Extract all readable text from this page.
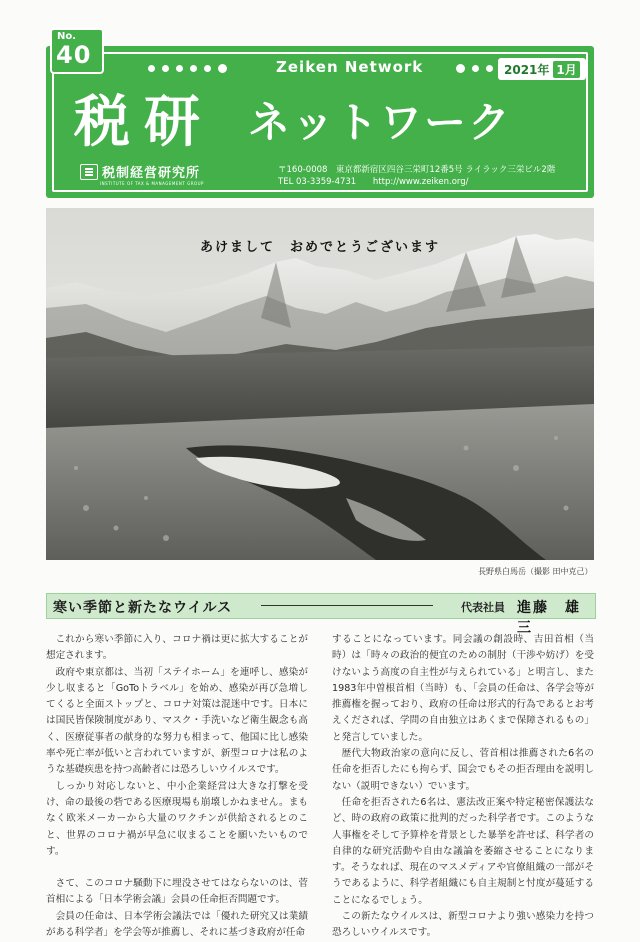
Zeiken Network	2021年 1月
税研 ネットワーク
税制経営研究所
INSTITUTE OF TAX & MANAGEMENT GROUP
〒160-0008　東京都新宿区四谷三栄町12番5号 ライラック三栄ビル2階
TEL 03-3359-4731 http://www.zeiken.org/
No.
40
あけまして　おめでとうございます
長野県白馬岳（撮影 田中克己）
寒い季節と新たなウイルス	代表社員 進藤　雄三

これから寒い季節に入り、コロナ禍は更に拡大することが想定されます。

政府や東京都は、当初「ステイホーム」を連呼し、感染が少し収まると「GoToトラベル」を始め、感染が再び急増してくると全面ストップと、コロナ対策は混迷中です。日本には国民皆保険制度があり、マスク・手洗いなど衛生観念も高く、医療従事者の献身的な努力も相まって、他国に比し感染率や死亡率が低いと言われていますが、新型コロナは私のような基礎疾患を持つ高齢者には恐ろしいウイルスです。

しっかり対応しないと、中小企業経営は大きな打撃を受け、命の最後の砦である医療現場も崩壊しかねません。まもなく欧米メーカーから大量のワクチンが供給されるとのこと、世界のコロナ禍が早急に収まることを願いたいものです。

さて、このコロナ騒動下に埋没させてはならないのは、菅首相による「日本学術会議」会員の任命拒否問題です。

会員の任命は、日本学術会議法では「優れた研究又は業績がある科学者」を学会等が推薦し、それに基づき政府が任命

することになっています。同会議の創設時、吉田首相（当時）は「時々の政治的便宜のための制肘（干渉や妨げ）を受けないよう高度の自主性が与えられている」と明言し、また1983年中曽根首相（当時）も、「会員の任命は、各学会等が推薦権を握っており、政府の任命は形式的行為であるとお考えくだされば、学問の自由独立はあくまで保障されるもの」と発言していました。

歴代大物政治家の意向に反し、菅首相は推薦された6名の任命を拒否したにも拘らず、国会でもその拒否理由を説明しない（説明できない）でいます。

任命を拒否された6名は、憲法改正案や特定秘密保護法など、時の政府の政策に批判的だった科学者です。このような人事権をそして予算枠を背景とした暴挙を許せば、科学者の自律的な研究活動や自由な議論を萎縮させることになります。そうなれば、現在のマスメディアや官僚組織の一部がそうであるように、科学者組織にも自主規制と忖度が蔓延することになるでしょう。

この新たなウイルスは、新型コロナより強い感染力を持つ恐ろしいウイルスです。
